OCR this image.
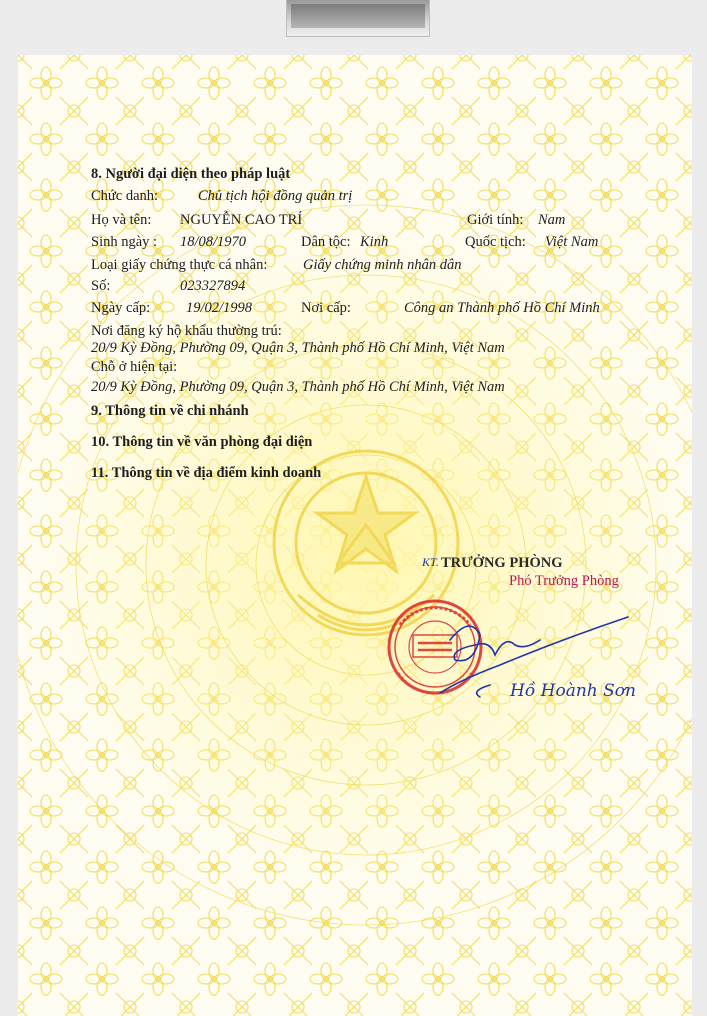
8. Người đại diện theo pháp luật
Chức danh:	Chủ tịch hội đồng quản trị
Họ và tên: NGUYỄN CAO TRÍ	Giới tính: Nam
Sinh ngày : 18/08/1970	Dân tộc: Kinh	Quốc tịch: Việt Nam
Loại giấy chứng thực cá nhân: Giấy chứng minh nhân dân
Số:	023327894
Ngày cấp: 19/02/1998	Nơi cấp:	Công an Thành phố Hồ Chí Minh
Nơi đăng ký hộ khẩu thường trú:
20/9 Kỳ Đồng, Phường 09, Quận 3, Thành phố Hồ Chí Minh, Việt Nam
Chỗ ở hiện tại:
20/9 Kỳ Đồng, Phường 09, Quận 3, Thành phố Hồ Chí Minh, Việt Nam
9. Thông tin về chi nhánh
10. Thông tin về văn phòng đại diện
11. Thông tin về địa điểm kinh doanh
KT. TRƯỞNG PHÒNG
Phó Trưởng Phòng
Hồ Hoành Sơn
